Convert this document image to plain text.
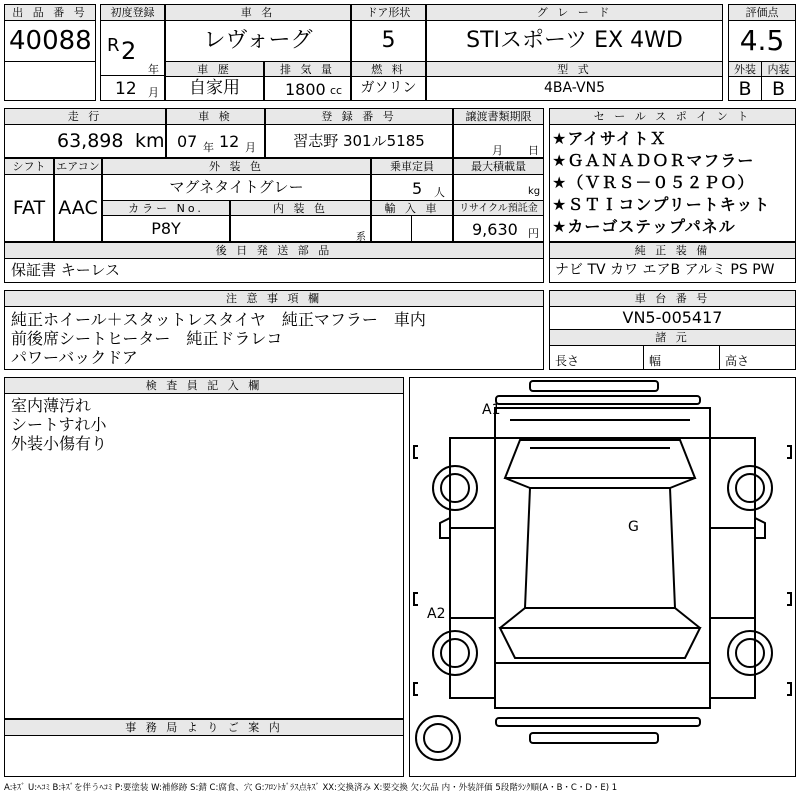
出 品 番 号
40088
初度登録
R 2
年
12 月
車 名
レヴォーグ
ドア形状
5
グ レ ー ド
STIスポーツ EX 4WD
評価点
4.5
外装	内装
B	B
車 歴
自家用
排 気 量
1800 cc
燃 料
ガソリン
型 式
4BA-VN5
走 行
63,898 km
車 検
07 年 12 月
登 録 番 号
習志野 301ル5185
譲渡書類期限
月 日
シフト
FAT
エアコン
AAC
外 装 色
マグネタイトグレー
乗車定員
5 人
最大積載量
kg
カラー No.
P8Y
内 装 色
系
輸 入 車	リサイクル預託金
9,630 円
後 日 発 送 部 品
保証書 キーレス
セ ー ル ス ポ イ ン ト
★アイサイトＸ
★ＧＡＮＡＤＯＲマフラー
★（ＶＲＳ－０５２ＰＯ）
★ＳＴＩコンプリートキット
★カーゴステップパネル
純 正 装 備
ナビ TV カワ エアB アルミ PS PW
注 意 事 項 欄
純正ホイール＋スタットレスタイヤ　純正マフラー　車内
前後席シートヒーター　純正ドラレコ
パワーバックドア
車 台 番 号
VN5-005417
諸 元
長さ	幅	高さ
検 査 員 記 入 欄
室内薄汚れ
シートすれ小
外装小傷有り
事 務 局 よ り ご 案 内
A1
A2
G
A:ｷｽﾞ U:ﾍｺﾐ B:ｷｽﾞを伴うﾍｺﾐ P:要塗装 W:補修跡 S:錆 C:腐食、穴 G:ﾌﾛﾝﾄｶﾞﾗｽ点ｷｽﾞ XX:交換済み X:要交換 欠:欠品 内・外装評価 5段階ﾗﾝｸ順(A・B・C・D・E) 1
